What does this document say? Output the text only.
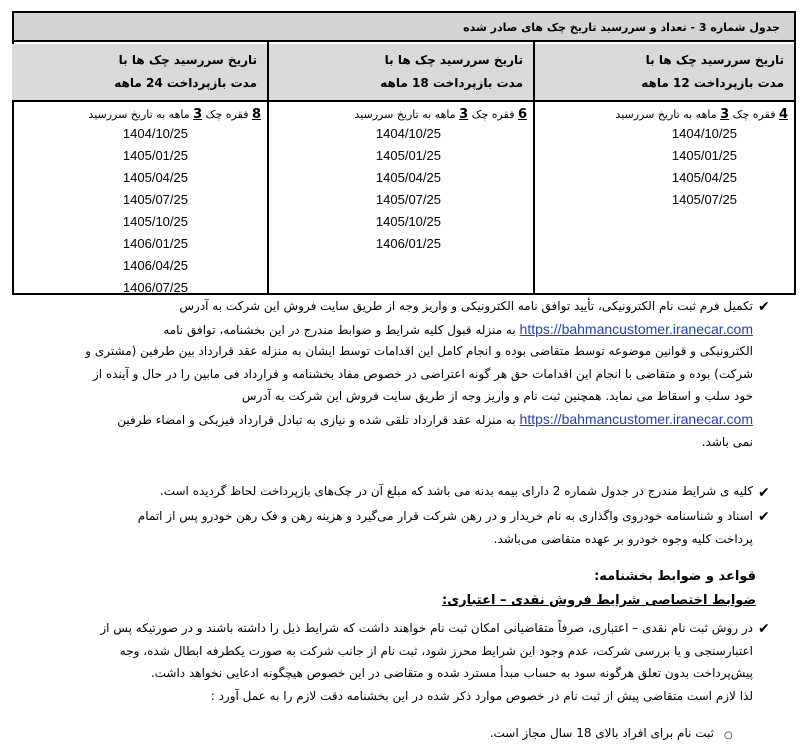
جدول شماره 3 - تعداد و سررسید تاریخ چک های صادر شده
تاریخ سررسید چک ها با
مدت بازپرداخت 12 ماهه
تاریخ سررسید چک ها با
مدت بازپرداخت 18 ماهه
تاریخ سررسید چک ها با
مدت بازپرداخت 24 ماهه
4 فقره چک 3 ماهه به تاریخ سررسید
1404/10/25
1405/01/25
1405/04/25
1405/07/25
6 فقره چک 3 ماهه به تاریخ سررسید
1404/10/25
1405/01/25
1405/04/25
1405/07/25
1405/10/25
1406/01/25
8 فقره چک 3 ماهه به تاریخ سررسید
1404/10/25
1405/01/25
1405/04/25
1405/07/25
1405/10/25
1406/01/25
1406/04/25
1406/07/25
✔
تکمیل فرم ثبت نام الکترونیکی، تأیید توافق نامه الکترونیکی و واریز وجه از طریق سایت فروش این شرکت به آدرس
https://bahmancustomer.iranecar.com به منزله قبول کلیه شرایط و ضوابط مندرج در این بخشنامه، توافق نامه
الکترونیکی و قوانین موضوعه توسط متقاضی بوده و انجام کامل این اقدامات توسط ایشان به منزله عقد قرارداد بین طرفین (مشتری و
شرکت) بوده و متقاضی با انجام این اقدامات حق هر گونه اعتراضی در خصوص مفاد بخشنامه و قرارداد فی مابین را در حال و آینده از
خود سلب و اسقاط می نماید. همچنین ثبت نام و واریز وجه از طریق سایت فروش این شرکت به آدرس
https://bahmancustomer.iranecar.com به منزله عقد قرارداد تلقی شده و نیازی به تبادل قرارداد فیزیکی و امضاء طرفین
نمی باشد.
✔
کلیه ی شرایط مندرج در جدول شماره 2 دارای بیمه بدنه می باشد که مبلغ آن در چک‌های بازپرداخت لحاظ گردیده است.
✔
اسناد و شناسنامه خودروی واگذاری به نام خریدار و در رهن شرکت قرار می‌گیرد و هزینه رهن و فک رهن خودرو پس از اتمام
پرداخت کلیه وجوه خودرو بر عهده متقاضی می‌باشد.
قواعد و ضوابط بخشنامه:
ضوابط اختصاصی شرایط فروش نقدی – اعتباری:
✔
در روش ثبت نام نقدی – اعتباری، صرفاً متقاضیانی امکان ثبت نام خواهند داشت که شرایط ذیل را داشته باشند و در صورتیکه پس از
اعتبارسنجی و یا بررسی شرکت، عدم وجود این شرایط محرز شود، ثبت نام از جانب شرکت به صورت یکطرفه ابطال شده، وجه
پیش‌پرداخت بدون تعلق هرگونه سود به حساب مبدأ مسترد شده و متقاضی در این خصوص هیچگونه ادعایی نخواهد داشت.
لذا لازم است متقاضی پیش از ثبت نام در خصوص موارد ذکر شده در این بخشنامه دقت لازم را به عمل آورد :
○
ثبت نام برای افراد بالای 18 سال مجاز است.
